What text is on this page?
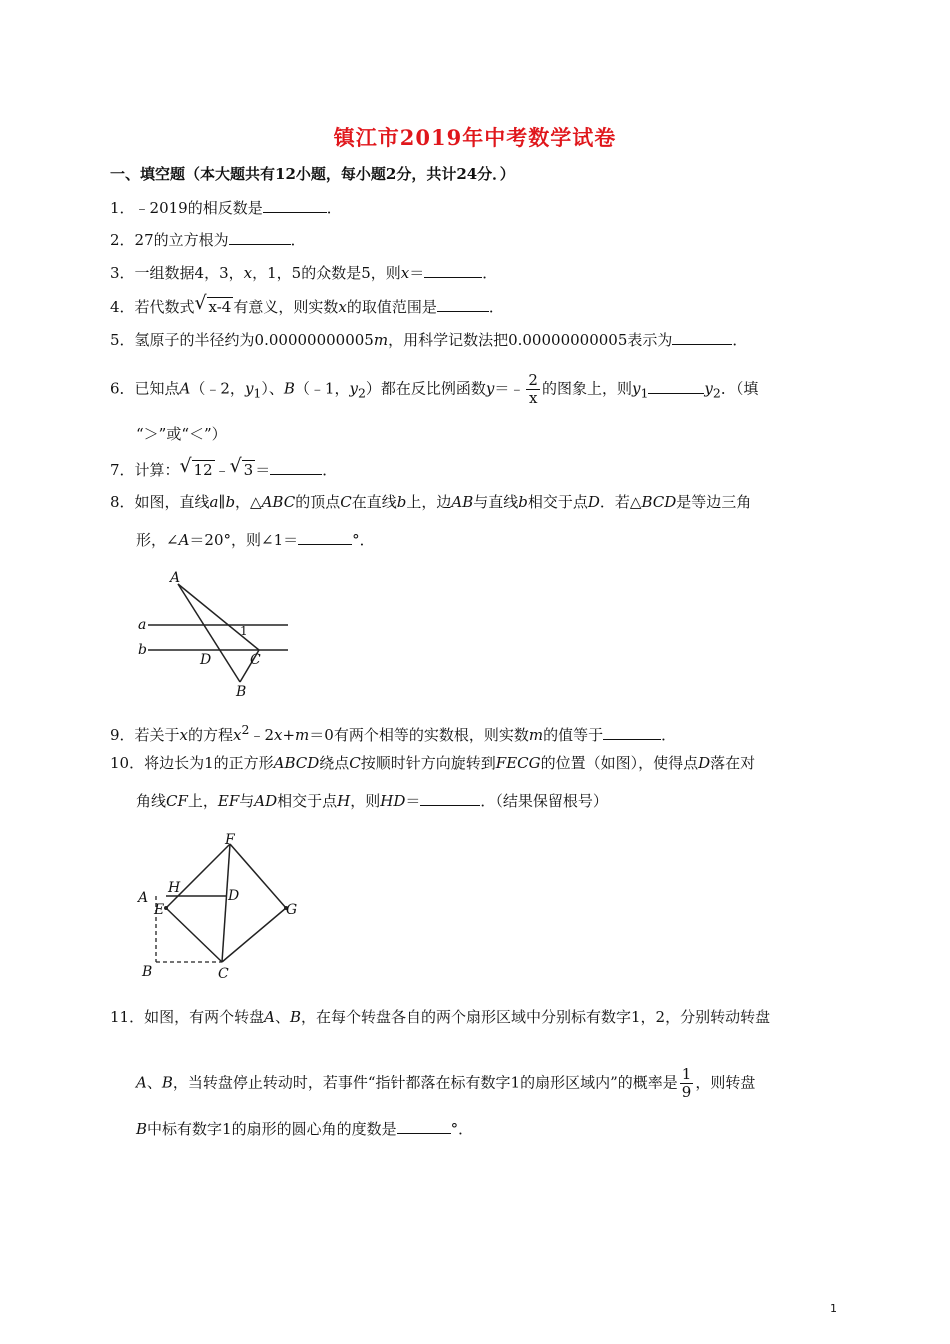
镇江市2019年中考数学试卷
一、填空题（本大题共有12小题，每小题2分，共计24分．）
1．﹣2019的相反数是	．
2．27的立方根为	．
3．一组数据4，3，x，1，5的众数是5，则x＝	．
4．若代数式 √ x-4 有意义，则实数x的取值范围是	．
5．氢原子的半径约为0.00000000005m，用科学记数法把0.00000000005表示为	．
6．已知点A（﹣2，$y_1$）、B（﹣1，$y_2$）都在反比例函数y＝﹣ $\frac{2}{x}$ 的图象上，则$y_1$	$y_2$．（填
“＞”或“＜”）
7．计算： √ 12 ﹣ √ 3 ＝	．
8．如图，直线a∥b，△ABC的顶点C在直线b上，边AB与直线b相交于点D．若△BCD是等边三角
形，∠A＝20°，则∠1＝	°．
A
a
b
1
D	C
B
9．若关于x的方程$x^2﹣2x+m=0$有两个相等的实数根，则实数m的值等于	．
10．将边长为1的正方形ABCD绕点C按顺时针方向旋转到FECG的位置（如图），使得点D落在对
角线CF上，EF与AD相交于点H，则HD＝	．（结果保留根号）
F
A
H
E
D
G
B	C
11．如图，有两个转盘A、B，在每个转盘各自的两个扇形区域中分别标有数字1，2，分别转动转盘
A、B，当转盘停止转动时，若事件“指针都落在标有数字1的扇形区域内”的概率是 $\frac{1}{9}$ ，则转盘
B中标有数字1的扇形的圆心角的度数是	°．
1
